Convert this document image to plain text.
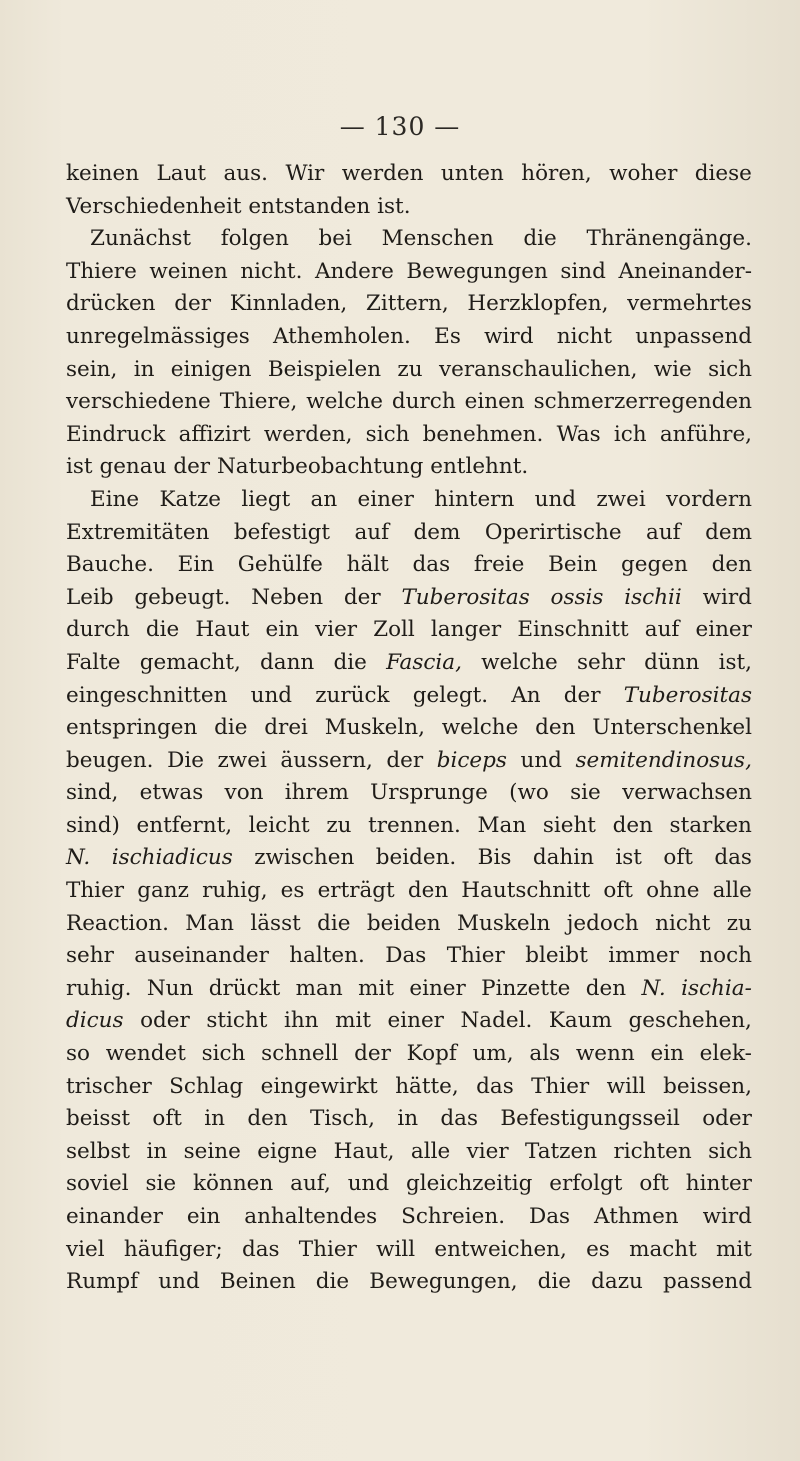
— 130 —
keinen Laut aus. Wir werden unten hören, woher diese
Verschiedenheit entstanden ist.
Zunächst folgen bei Menschen die Thränengänge.
Thiere weinen nicht. Andere Bewegungen sind Aneinander-
drücken der Kinnladen, Zittern, Herzklopfen, vermehrtes
unregelmässiges Athemholen. Es wird nicht unpassend
sein, in einigen Beispielen zu veranschaulichen, wie sich
verschiedene Thiere, welche durch einen schmerzerregenden
Eindruck affizirt werden, sich benehmen. Was ich anführe,
ist genau der Naturbeobachtung entlehnt.
Eine Katze liegt an einer hintern und zwei vordern
Extremitäten befestigt auf dem Operirtische auf dem
Bauche. Ein Gehülfe hält das freie Bein gegen den
Leib gebeugt. Neben der Tuberositas ossis ischii wird
durch die Haut ein vier Zoll langer Einschnitt auf einer
Falte gemacht, dann die Fascia, welche sehr dünn ist,
eingeschnitten und zurück gelegt. An der Tuberositas
entspringen die drei Muskeln, welche den Unterschenkel
beugen. Die zwei äussern, der biceps und semitendinosus,
sind, etwas von ihrem Ursprunge (wo sie verwachsen
sind) entfernt, leicht zu trennen. Man sieht den starken
N. ischiadicus zwischen beiden. Bis dahin ist oft das
Thier ganz ruhig, es erträgt den Hautschnitt oft ohne alle
Reaction. Man lässt die beiden Muskeln jedoch nicht zu
sehr auseinander halten. Das Thier bleibt immer noch
ruhig. Nun drückt man mit einer Pinzette den N. ischia-
dicus oder sticht ihn mit einer Nadel. Kaum geschehen,
so wendet sich schnell der Kopf um, als wenn ein elek-
trischer Schlag eingewirkt hätte, das Thier will beissen,
beisst oft in den Tisch, in das Befestigungsseil oder
selbst in seine eigne Haut, alle vier Tatzen richten sich
soviel sie können auf, und gleichzeitig erfolgt oft hinter
einander ein anhaltendes Schreien. Das Athmen wird
viel häufiger; das Thier will entweichen, es macht mit
Rumpf und Beinen die Bewegungen, die dazu passend
